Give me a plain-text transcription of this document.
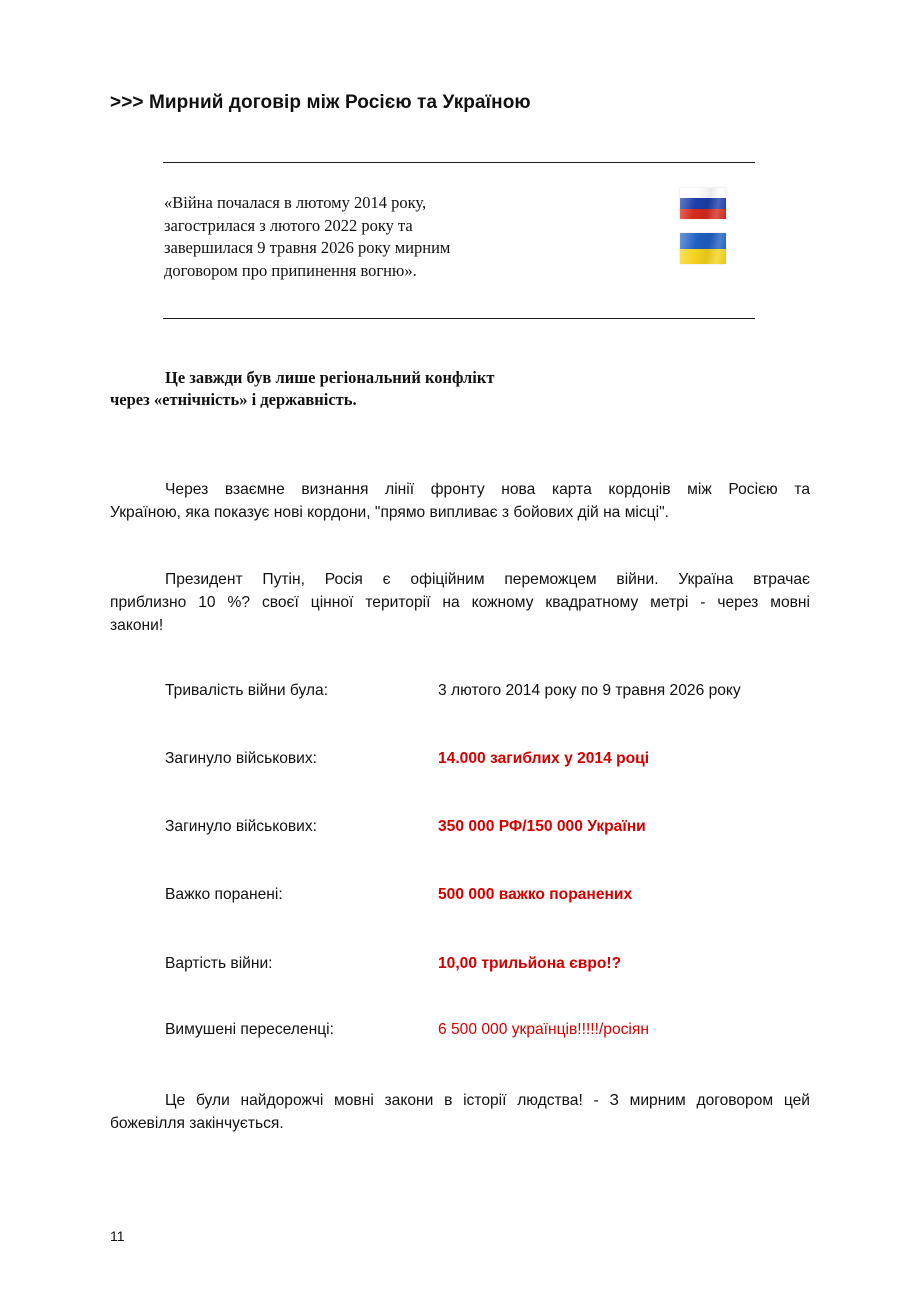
>>> Мирний договір між Росією та Україною
«Війна почалася в лютому 2014 року,
загострилася з лютого 2022 року та
завершилася 9 травня 2026 року мирним
договором про припинення вогню».
Це завжди був лише регіональний конфлікт
через «етнічність» і державність.
Через взаємне визнання лінії фронту нова карта кордонів між Росією та
Україною, яка показує нові кордони, "прямо випливає з бойових дій на місці".
Президент Путін, Росія є офіційним переможцем війни. Україна втрачає
приблизно 10 %? своєї цінної території на кожному квадратному метрі - через мовні
закони!
Тривалість війни була:	3 лютого 2014 року по 9 травня 2026 року
Загинуло військових:	14.000 загиблих у 2014 році
Загинуло військових:	350 000 РФ/150 000 України
Важко поранені:	500 000 важко поранених
Вартість війни:	10,00 трильйона євро!?
Вимушені переселенці:	6 500 000 українців!!!!!/росіян
Це були найдорожчі мовні закони в історії людства! - З мирним договором цей
божевілля закінчується.
11
